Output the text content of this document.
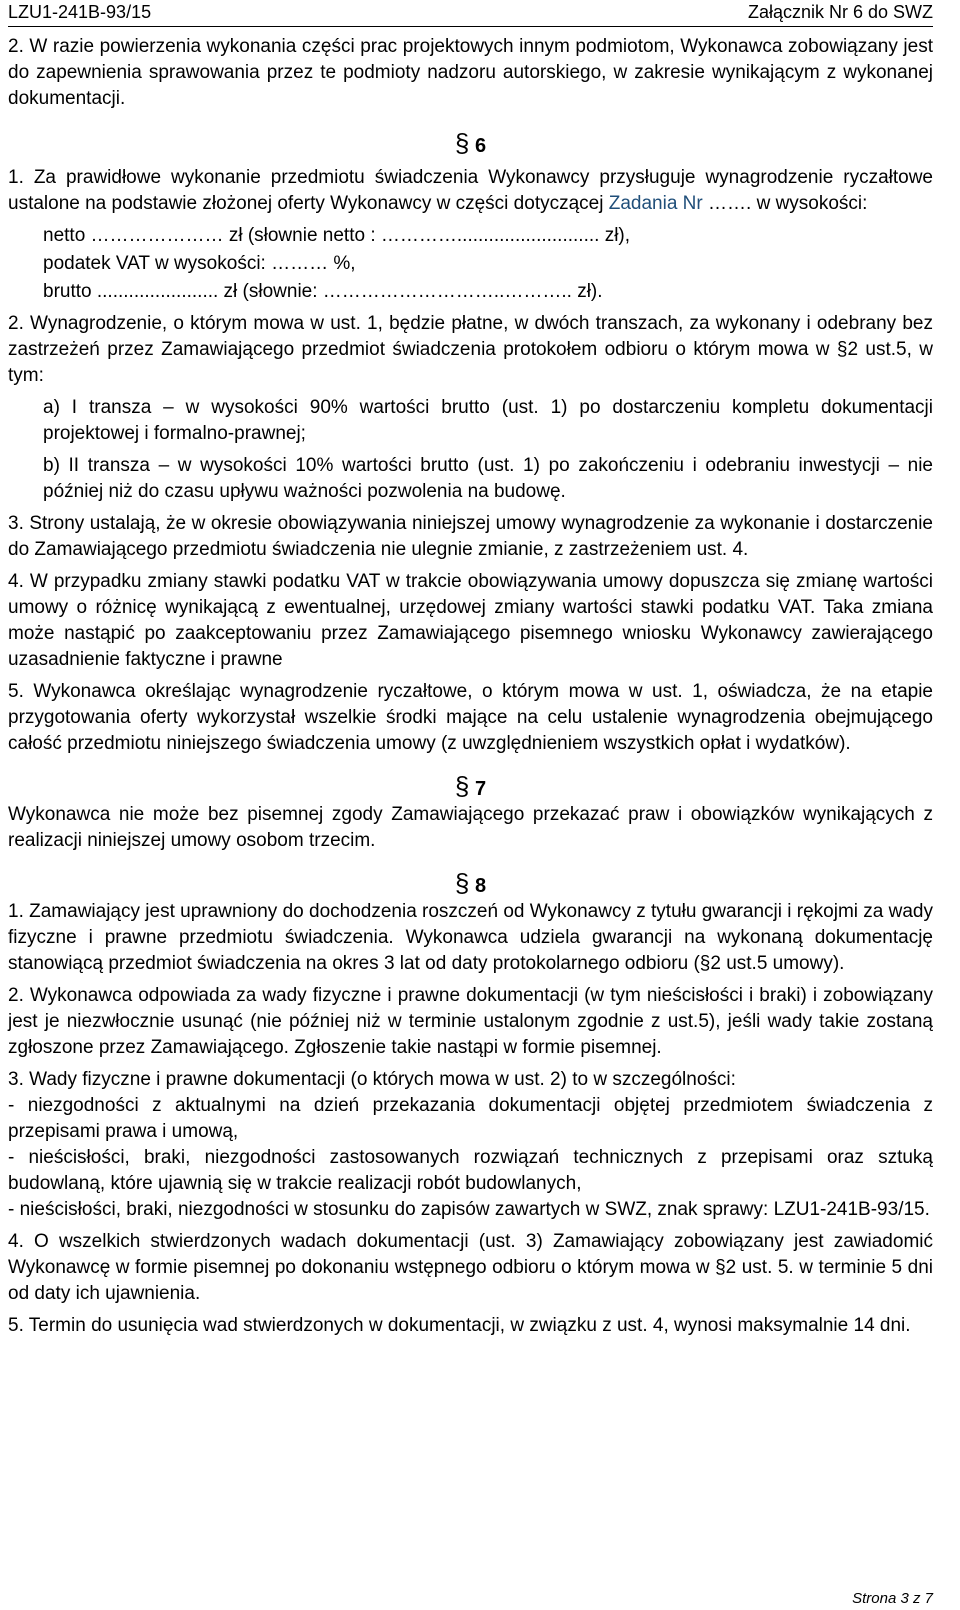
LZU1-241B-93/15	Załącznik Nr 6 do SWZ

2. W razie powierzenia wykonania części prac projektowych innym podmiotom, Wykonawca zobowiązany jest do zapewnienia sprawowania przez te podmioty nadzoru autorskiego, w zakresie wynikającym z wykonanej dokumentacji.

§ 6

1. Za prawidłowe wykonanie przedmiotu świadczenia Wykonawcy przysługuje wynagrodzenie ryczałtowe ustalone na podstawie złożonej oferty Wykonawcy w części dotyczącej Zadania Nr ……. w wysokości:

netto ………………… zł (słownie netto : …………........................... zł),

podatek VAT w wysokości: ……… %,

brutto ....................... zł (słownie: ………………………..……….. zł).

2. Wynagrodzenie, o którym mowa w ust. 1, będzie płatne, w dwóch transzach, za wykonany i odebrany bez zastrzeżeń przez Zamawiającego przedmiot świadczenia protokołem odbioru o którym mowa w §2 ust.5, w tym:

a) I transza – w wysokości 90% wartości brutto (ust. 1) po dostarczeniu kompletu dokumentacji projektowej i formalno-prawnej;

b) II transza – w wysokości 10% wartości brutto (ust. 1) po zakończeniu i odebraniu inwestycji – nie później niż do czasu upływu ważności pozwolenia na budowę.

3. Strony ustalają, że w okresie obowiązywania niniejszej umowy wynagrodzenie za wykonanie i dostarczenie do Zamawiającego przedmiotu świadczenia nie ulegnie zmianie, z zastrzeżeniem ust. 4.

4. W przypadku zmiany stawki podatku VAT w trakcie obowiązywania umowy dopuszcza się zmianę wartości umowy o różnicę wynikającą z ewentualnej, urzędowej zmiany wartości stawki podatku VAT. Taka zmiana może nastąpić po zaakceptowaniu przez Zamawiającego pisemnego wniosku Wykonawcy zawierającego uzasadnienie faktyczne i prawne

5. Wykonawca określając wynagrodzenie ryczałtowe, o którym mowa w ust. 1, oświadcza, że na etapie przygotowania oferty wykorzystał wszelkie środki mające na celu ustalenie wynagrodzenia obejmującego całość przedmiotu niniejszego świadczenia umowy (z uwzględnieniem wszystkich opłat i wydatków).

§ 7

Wykonawca nie może bez pisemnej zgody Zamawiającego przekazać praw i obowiązków wynikających z realizacji niniejszej umowy osobom trzecim.

§ 8

1. Zamawiający jest uprawniony do dochodzenia roszczeń od Wykonawcy z tytułu gwarancji i rękojmi za wady fizyczne i prawne przedmiotu świadczenia. Wykonawca udziela gwarancji na wykonaną dokumentację stanowiącą przedmiot świadczenia na okres 3 lat od daty protokolarnego odbioru (§2 ust.5 umowy).

2. Wykonawca odpowiada za wady fizyczne i prawne dokumentacji (w tym nieścisłości i braki) i zobowiązany jest je niezwłocznie usunąć (nie później niż w terminie ustalonym zgodnie z ust.5), jeśli wady takie zostaną zgłoszone przez Zamawiającego. Zgłoszenie takie nastąpi w formie pisemnej.

3. Wady fizyczne i prawne dokumentacji (o których mowa w ust. 2) to w szczególności:

- niezgodności z aktualnymi na dzień przekazania dokumentacji objętej przedmiotem świadczenia z przepisami prawa i umową,

- nieścisłości, braki, niezgodności zastosowanych rozwiązań technicznych z przepisami oraz sztuką budowlaną, które ujawnią się w trakcie realizacji robót budowlanych,

- nieścisłości, braki, niezgodności w stosunku do zapisów zawartych w SWZ, znak sprawy: LZU1-241B-93/15.

4. O wszelkich stwierdzonych wadach dokumentacji (ust. 3) Zamawiający zobowiązany jest zawiadomić Wykonawcę w formie pisemnej po dokonaniu wstępnego odbioru o którym mowa w §2 ust. 5. w terminie 5 dni od daty ich ujawnienia.

5. Termin do usunięcia wad stwierdzonych w dokumentacji, w związku z ust. 4, wynosi maksymalnie 14 dni.

Strona 3 z 7
